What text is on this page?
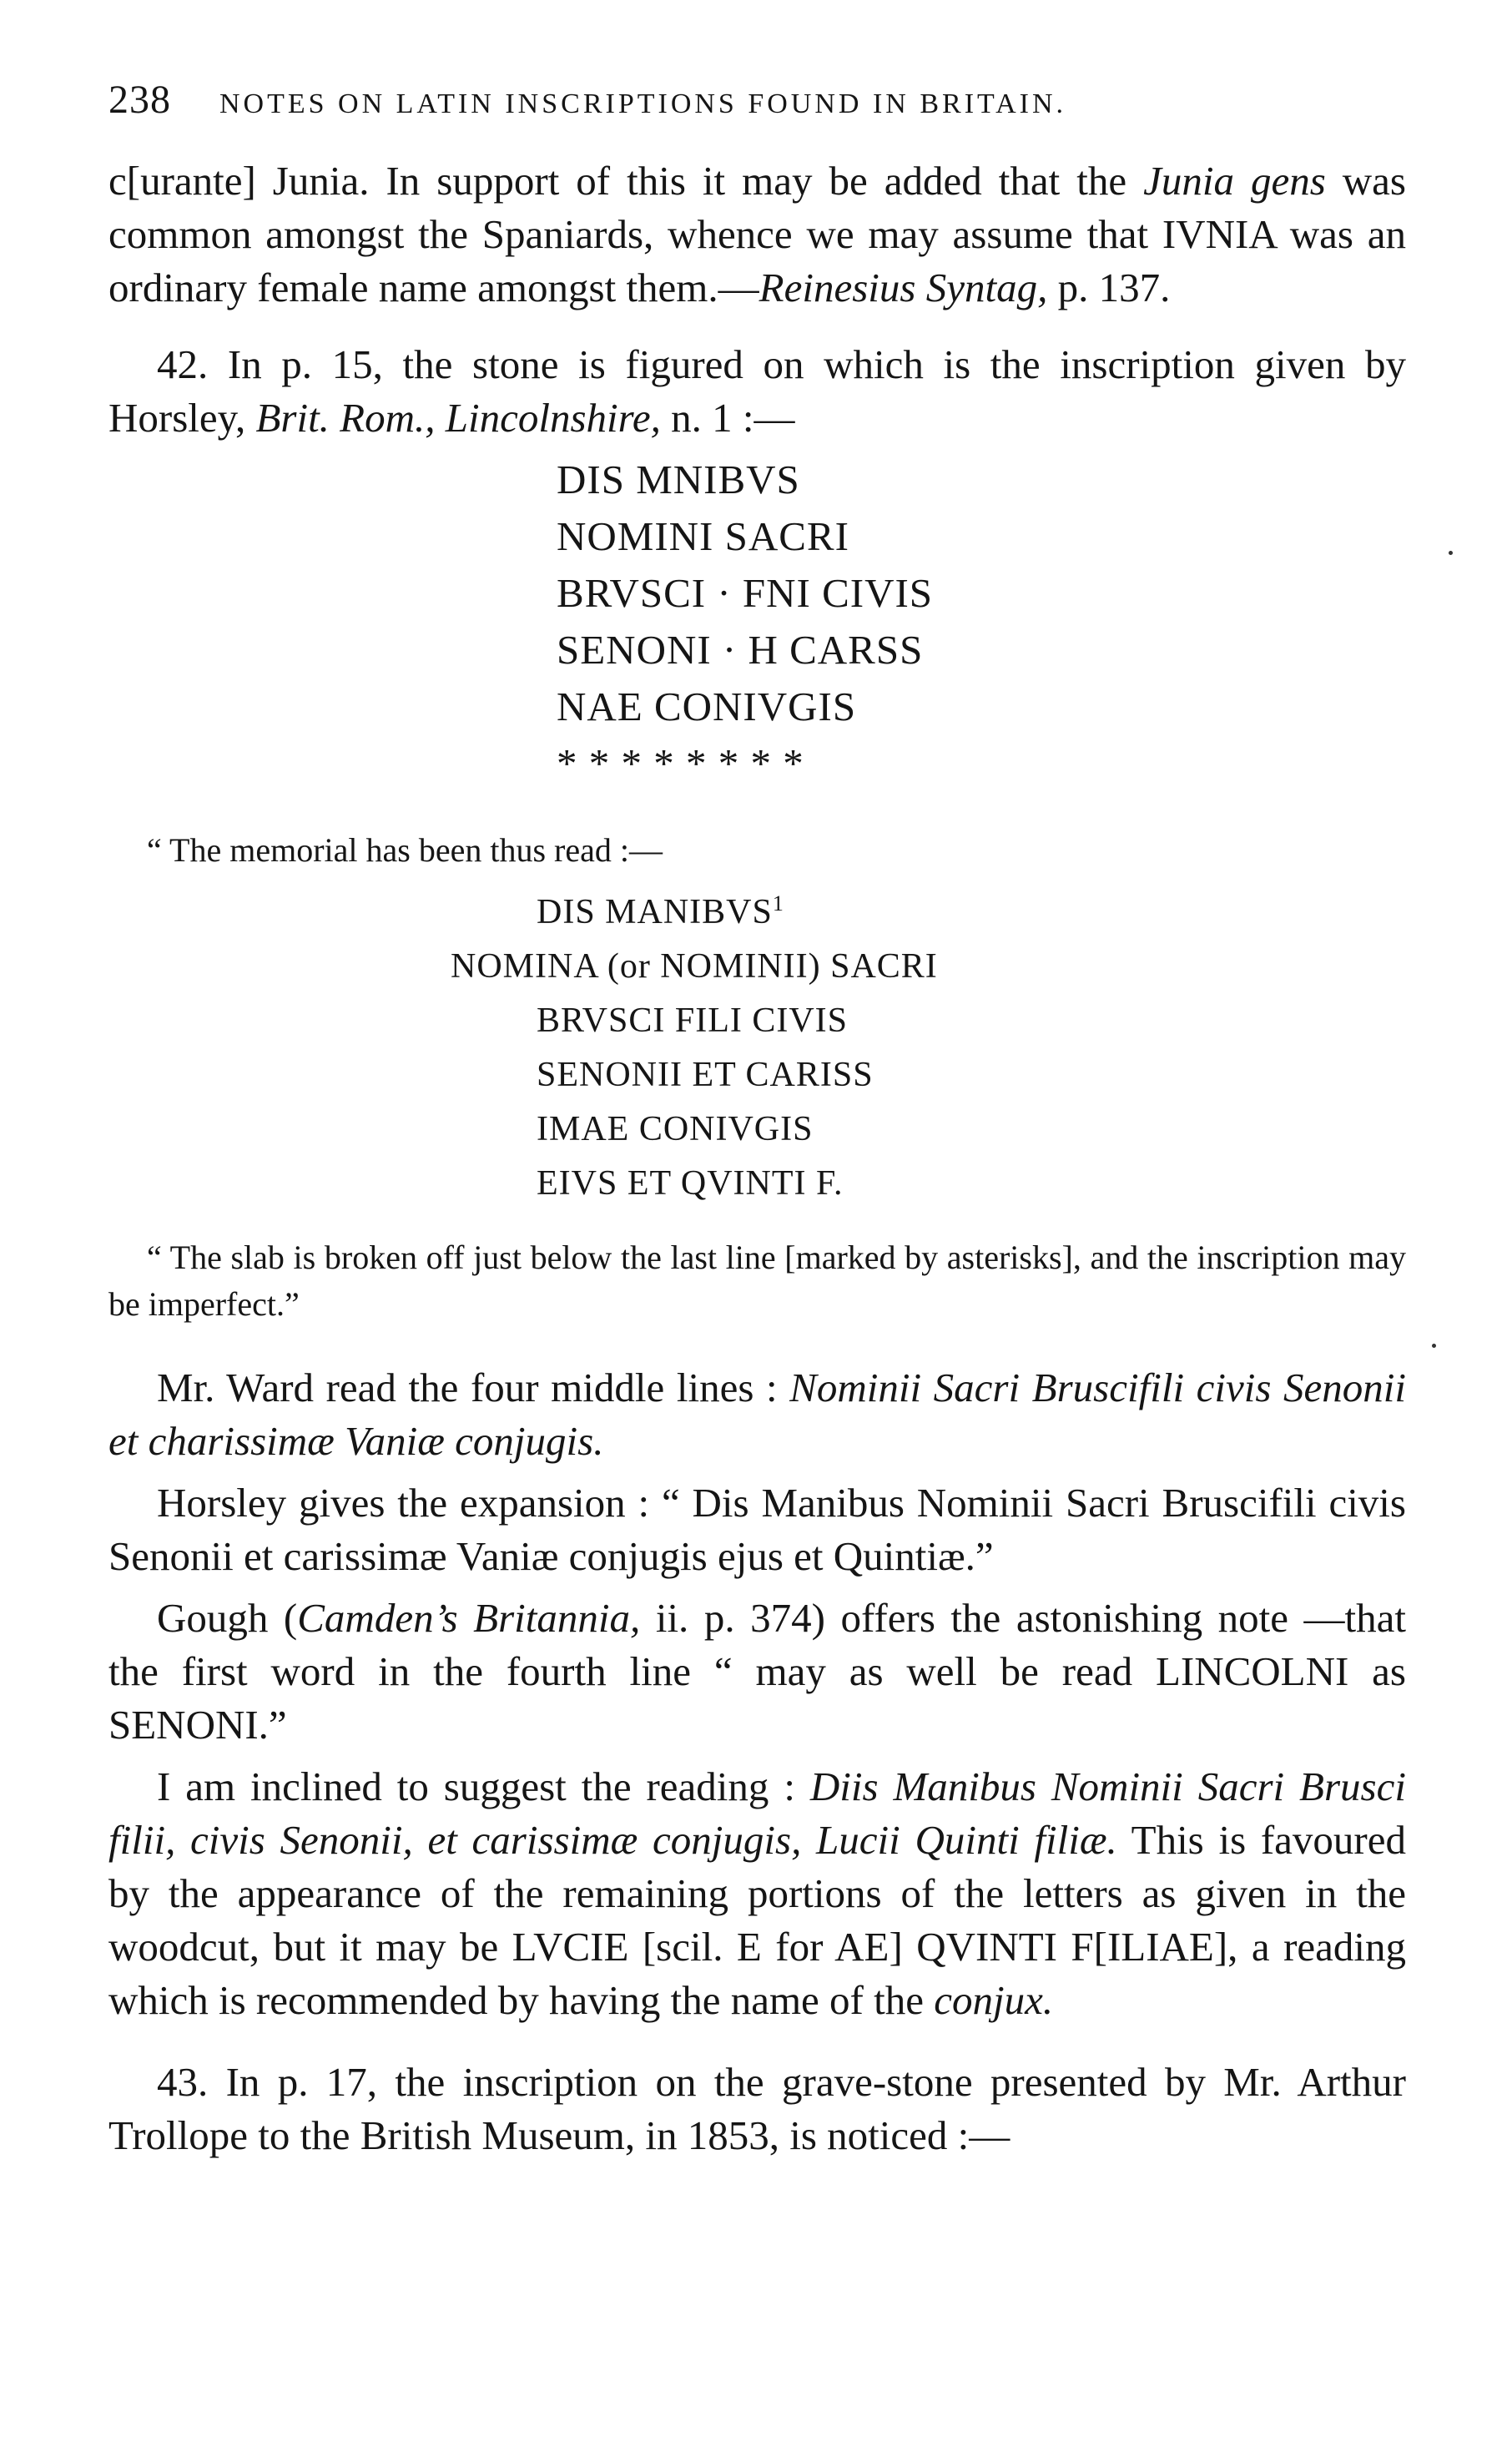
238 NOTES ON LATIN INSCRIPTIONS FOUND IN BRITAIN.

c[urante] Junia. In support of this it may be added that the Junia gens was common amongst the Spaniards, whence we may assume that IVNIA was an ordinary female name amongst them.—Reinesius Syntag, p. 137.

42. In p. 15, the stone is figured on which is the inscription given by Horsley, Brit. Rom., Lincolnshire, n. 1 :—

DIS MNIBVS
NOMINI SACRI
BRVSCI · FNI CIVIS
SENONI · H CARSS
NAE CONIVGIS
* * * * * * * *

“ The memorial has been thus read :—

DIS MANIBVS$^1$
NOMINA (or NOMINII) SACRI
BRVSCI FILI CIVIS
SENONII ET CARISS
IMAE CONIVGIS
EIVS ET QVINTI F.

“ The slab is broken off just below the last line [marked by asterisks], and the inscription may be imperfect.”

Mr. Ward read the four middle lines : Nominii Sacri Bruscifili civis Senonii et charissimæ Vaniæ conjugis.

Horsley gives the expansion : “ Dis Manibus Nominii Sacri Bruscifili civis Senonii et carissimæ Vaniæ conjugis ejus et Quintiæ.”

Gough (Camden’s Britannia, ii. p. 374) offers the astonishing note —that the first word in the fourth line “ may as well be read LINCOLNI as SENONI.”

I am inclined to suggest the reading : Diis Manibus Nominii Sacri Brusci filii, civis Senonii, et carissimæ conjugis, Lucii Quinti filiæ. This is favoured by the appearance of the remaining portions of the letters as given in the woodcut, but it may be LVCIE [scil. E for AE] QVINTI F[ILIAE], a reading which is recommended by having the name of the conjux.

43. In p. 17, the inscription on the grave-stone presented by Mr. Arthur Trollope to the British Museum, in 1853, is noticed :—
